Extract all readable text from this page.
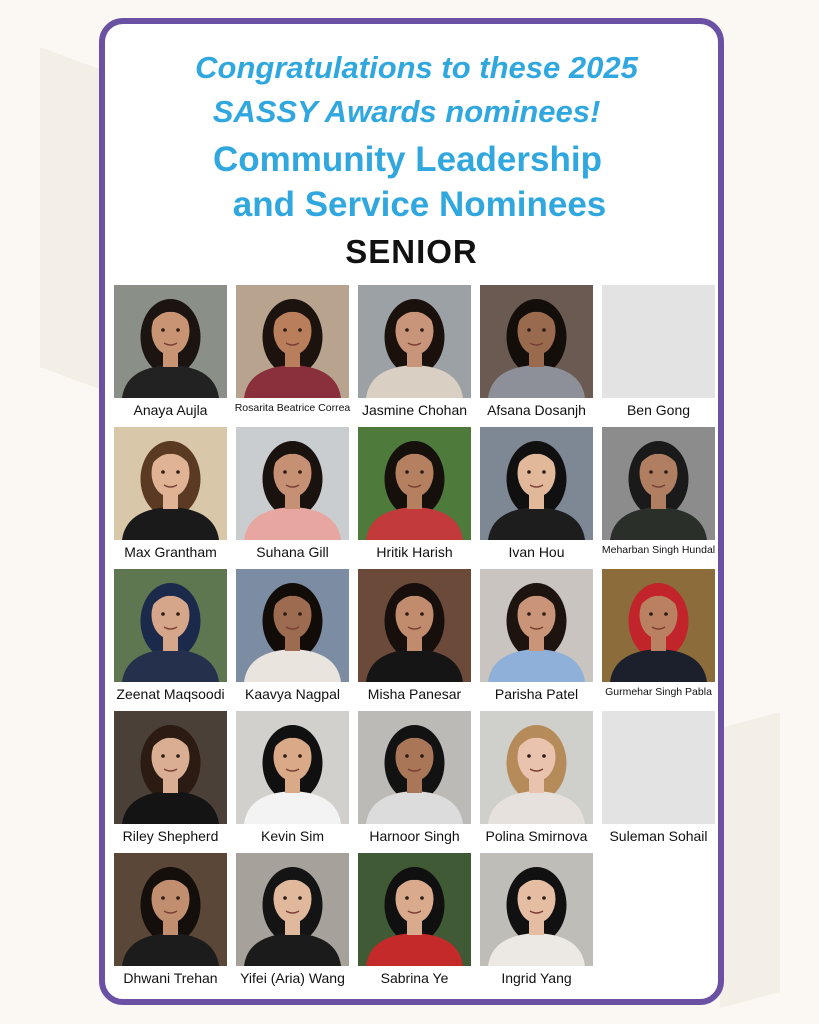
Congratulations to these 2025

SASSY Awards nominees!

Community Leadership

and Service Nominees

SENIOR

Anaya Aujla	Rosarita Beatrice Correa Jasmine Chohan	Afsana Dosanjh	Ben Gong
Max Grantham	Suhana Gill	Hritik Harish	Ivan Hou	Meharban Singh Hundal
Zeenat Maqsoodi	Kaavya Nagpal	Misha Panesar	Parisha Patel	Gurmehar Singh Pabla
Riley Shepherd	Kevin Sim	Harnoor Singh	Polina Smirnova	Suleman Sohail
Dhwani Trehan	Yifei (Aria) Wang	Sabrina Ye	Ingrid Yang
